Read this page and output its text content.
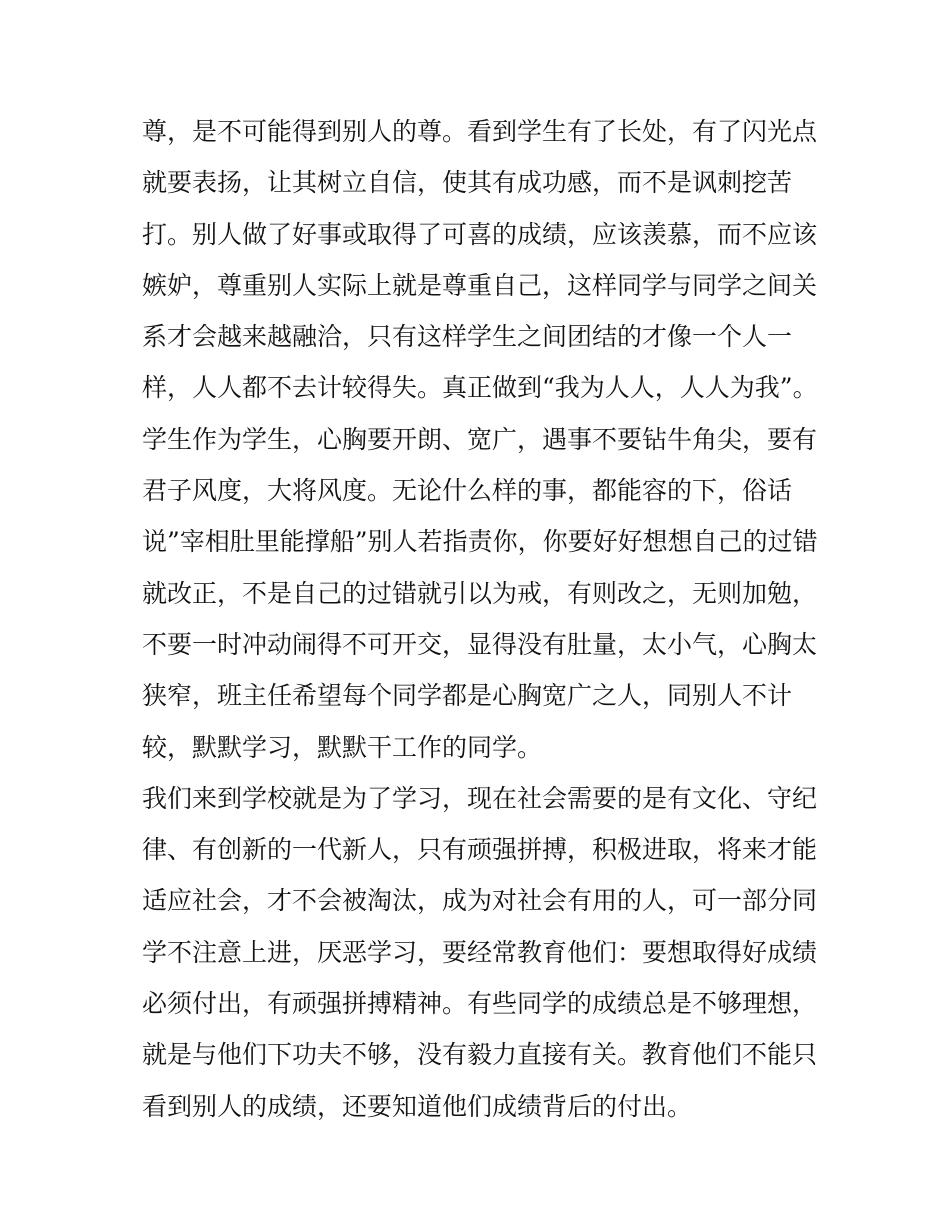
尊，是不可能得到别人的尊。看到学生有了长处，有了闪光点
就要表扬，让其树立自信，使其有成功感，而不是讽刺挖苦
打。别人做了好事或取得了可喜的成绩，应该羡慕，而不应该
嫉妒，尊重别人实际上就是尊重自己，这样同学与同学之间关
系才会越来越融洽，只有这样学生之间团结的才像一个人一
样，人人都不去计较得失。真正做到“我为人人，人人为我”。
学生作为学生，心胸要开朗、宽广，遇事不要钻牛角尖，要有
君子风度，大将风度。无论什么样的事，都能容的下，俗话
说”宰相肚里能撑船”别人若指责你，你要好好想想自己的过错
就改正，不是自己的过错就引以为戒，有则改之，无则加勉，
不要一时冲动闹得不可开交，显得没有肚量，太小气，心胸太
狭窄，班主任希望每个同学都是心胸宽广之人，同别人不计
较，默默学习，默默干工作的同学。
我们来到学校就是为了学习，现在社会需要的是有文化、守纪
律、有创新的一代新人，只有顽强拼搏，积极进取，将来才能
适应社会，才不会被淘汰，成为对社会有用的人，可一部分同
学不注意上进，厌恶学习，要经常教育他们：要想取得好成绩
必须付出，有顽强拼搏精神。有些同学的成绩总是不够理想，
就是与他们下功夫不够，没有毅力直接有关。教育他们不能只
看到别人的成绩，还要知道他们成绩背后的付出。
